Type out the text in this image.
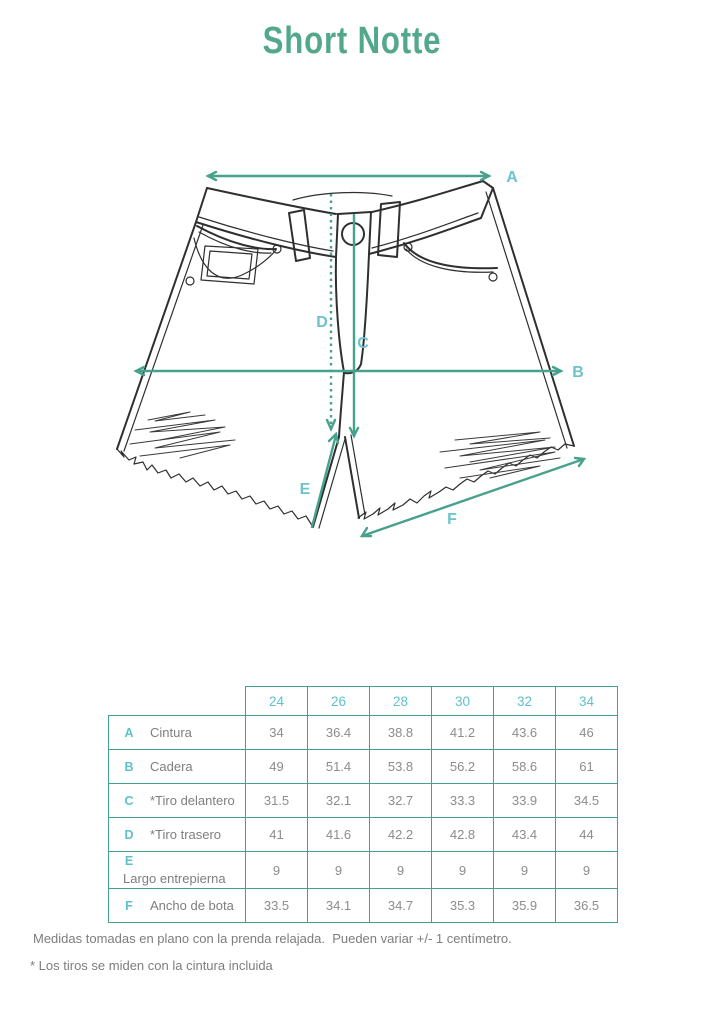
Short Notte
A
B
C
D
E
F
	24	26	28	30	32	34
A Cintura	34	36.4	38.8	41.2	43.6	46
B Cadera	49	51.4	53.8	56.2	58.6	61
C *Tiro delantero	31.5	32.1	32.7	33.3	33.9	34.5
D *Tiro trasero	41	41.6	42.2	42.8	43.4	44
ELargo entrepierna	9	9	9	9	9	9
F Ancho de bota	33.5	34.1	34.7	35.3	35.9	36.5
Medidas tomadas en plano con la prenda relajada.  Pueden variar +/- 1 centímetro.
* Los tiros se miden con la cintura incluida
